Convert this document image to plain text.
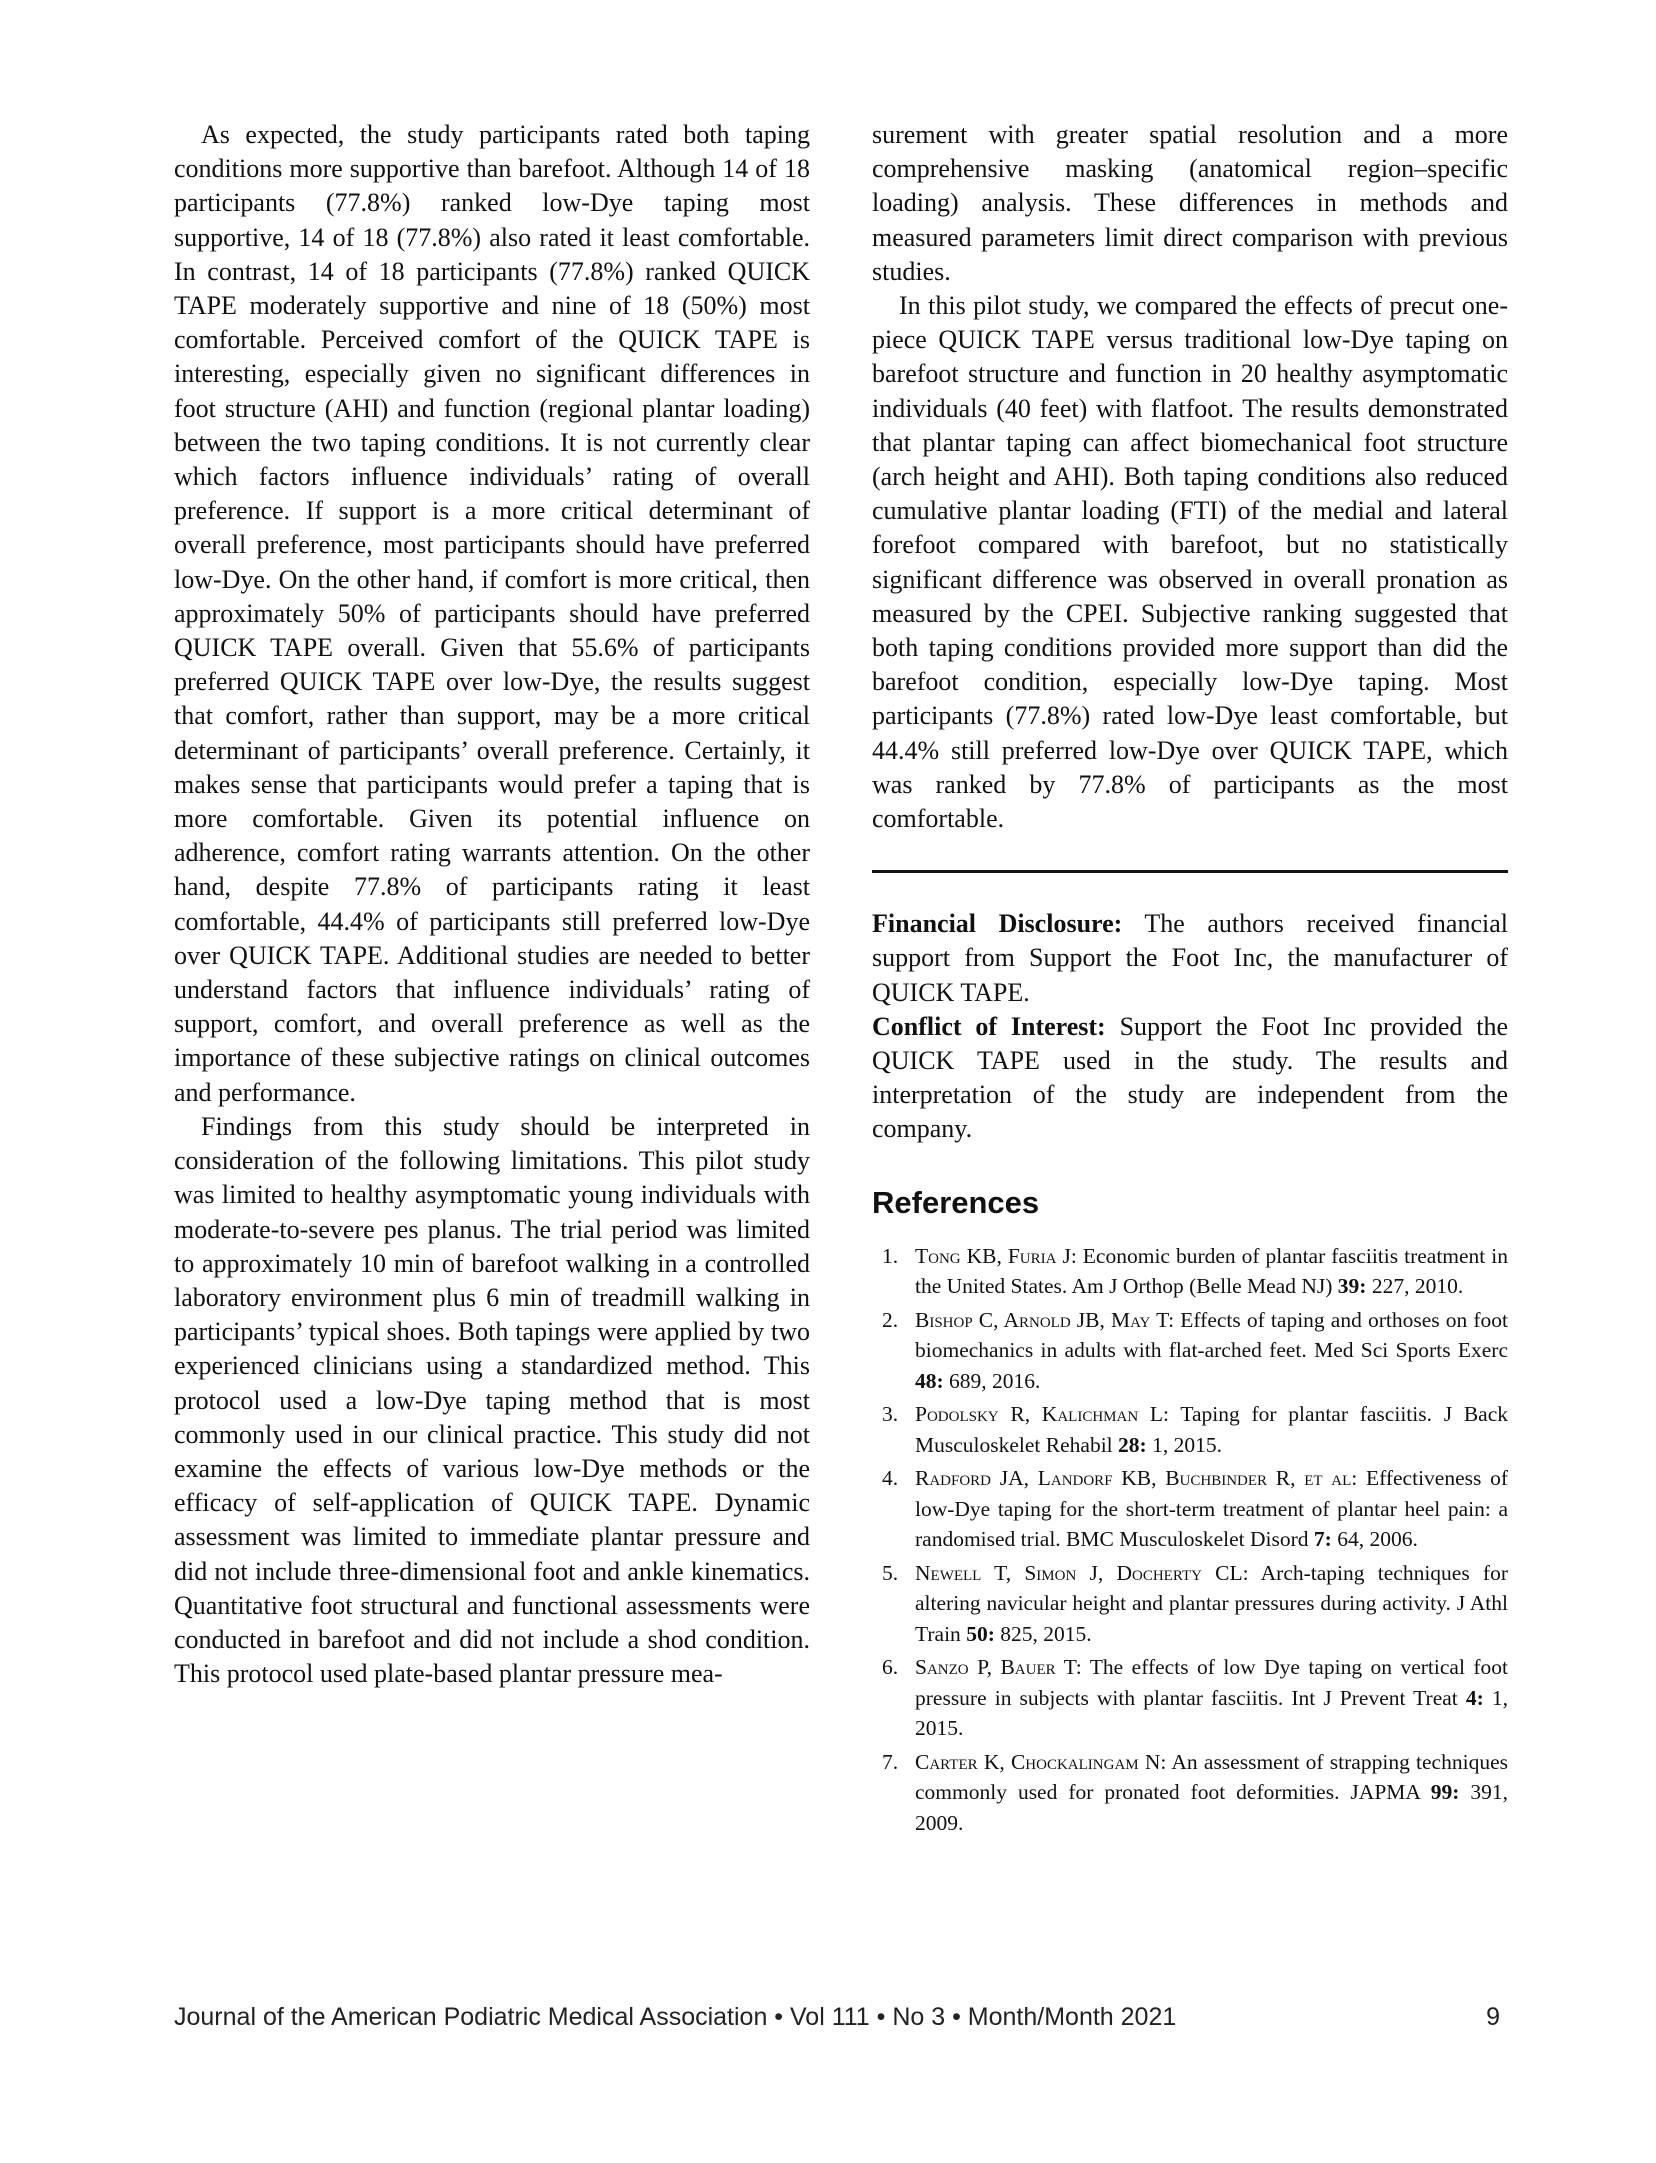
As expected, the study participants rated both taping conditions more supportive than barefoot. Although 14 of 18 participants (77.8%) ranked low-Dye taping most supportive, 14 of 18 (77.8%) also rated it least comfortable. In contrast, 14 of 18 participants (77.8%) ranked QUICK TAPE moderately supportive and nine of 18 (50%) most comfortable. Perceived comfort of the QUICK TAPE is interesting, especially given no significant differences in foot structure (AHI) and function (regional plantar loading) between the two taping conditions. It is not currently clear which factors influence individuals’ rating of overall preference. If support is a more critical determinant of overall preference, most participants should have preferred low-Dye. On the other hand, if comfort is more critical, then approximately 50% of participants should have preferred QUICK TAPE overall. Given that 55.6% of participants preferred QUICK TAPE over low-Dye, the results suggest that comfort, rather than support, may be a more critical determinant of participants’ overall preference. Certainly, it makes sense that participants would prefer a taping that is more comfortable. Given its potential influence on adherence, comfort rating warrants attention. On the other hand, despite 77.8% of participants rating it least comfortable, 44.4% of participants still preferred low-Dye over QUICK TAPE. Additional studies are needed to better understand factors that influence individuals’ rating of support, comfort, and overall preference as well as the importance of these subjective ratings on clinical outcomes and performance.

Findings from this study should be interpreted in consideration of the following limitations. This pilot study was limited to healthy asymptomatic young individuals with moderate-to-severe pes planus. The trial period was limited to approximately 10 min of barefoot walking in a controlled laboratory environment plus 6 min of treadmill walking in participants’ typical shoes. Both tapings were applied by two experienced clinicians using a standardized method. This protocol used a low-Dye taping method that is most commonly used in our clinical practice. This study did not examine the effects of various low-Dye methods or the efficacy of self-application of QUICK TAPE. Dynamic assessment was limited to immediate plantar pressure and did not include three-dimensional foot and ankle kinematics. Quantitative foot structural and functional assessments were conducted in barefoot and did not include a shod condition. This protocol used plate-based plantar pressure mea-

surement with greater spatial resolution and a more comprehensive masking (anatomical region–specific loading) analysis. These differences in methods and measured parameters limit direct comparison with previous studies.

In this pilot study, we compared the effects of precut one-piece QUICK TAPE versus traditional low-Dye taping on barefoot structure and function in 20 healthy asymptomatic individuals (40 feet) with flatfoot. The results demonstrated that plantar taping can affect biomechanical foot structure (arch height and AHI). Both taping conditions also reduced cumulative plantar loading (FTI) of the medial and lateral forefoot compared with barefoot, but no statistically significant difference was observed in overall pronation as measured by the CPEI. Subjective ranking suggested that both taping conditions provided more support than did the barefoot condition, especially low-Dye taping. Most participants (77.8%) rated low-Dye least comfortable, but 44.4% still preferred low-Dye over QUICK TAPE, which was ranked by 77.8% of participants as the most comfortable.

Financial Disclosure: The authors received financial support from Support the Foot Inc, the manufacturer of QUICK TAPE.

Conflict of Interest: Support the Foot Inc provided the QUICK TAPE used in the study. The results and interpretation of the study are independent from the company.

References
1. Tong KB, Furia J: Economic burden of plantar fasciitis treatment in the United States. Am J Orthop (Belle Mead NJ) 39: 227, 2010.
2. Bishop C, Arnold JB, May T: Effects of taping and orthoses on foot biomechanics in adults with flat-arched feet. Med Sci Sports Exerc 48: 689, 2016.
3. Podolsky R, Kalichman L: Taping for plantar fasciitis. J Back Musculoskelet Rehabil 28: 1, 2015.
4. Radford JA, Landorf KB, Buchbinder R, et al: Effectiveness of low-Dye taping for the short-term treatment of plantar heel pain: a randomised trial. BMC Musculoskelet Disord 7: 64, 2006.
5. Newell T, Simon J, Docherty CL: Arch-taping techniques for altering navicular height and plantar pressures during activity. J Athl Train 50: 825, 2015.
6. Sanzo P, Bauer T: The effects of low Dye taping on vertical foot pressure in subjects with plantar fasciitis. Int J Prevent Treat 4: 1, 2015.
7. Carter K, Chockalingam N: An assessment of strapping techniques commonly used for pronated foot deformities. JAPMA 99: 391, 2009.
Journal of the American Podiatric Medical Association • Vol 111 • No 3 • Month/Month 2021	9
